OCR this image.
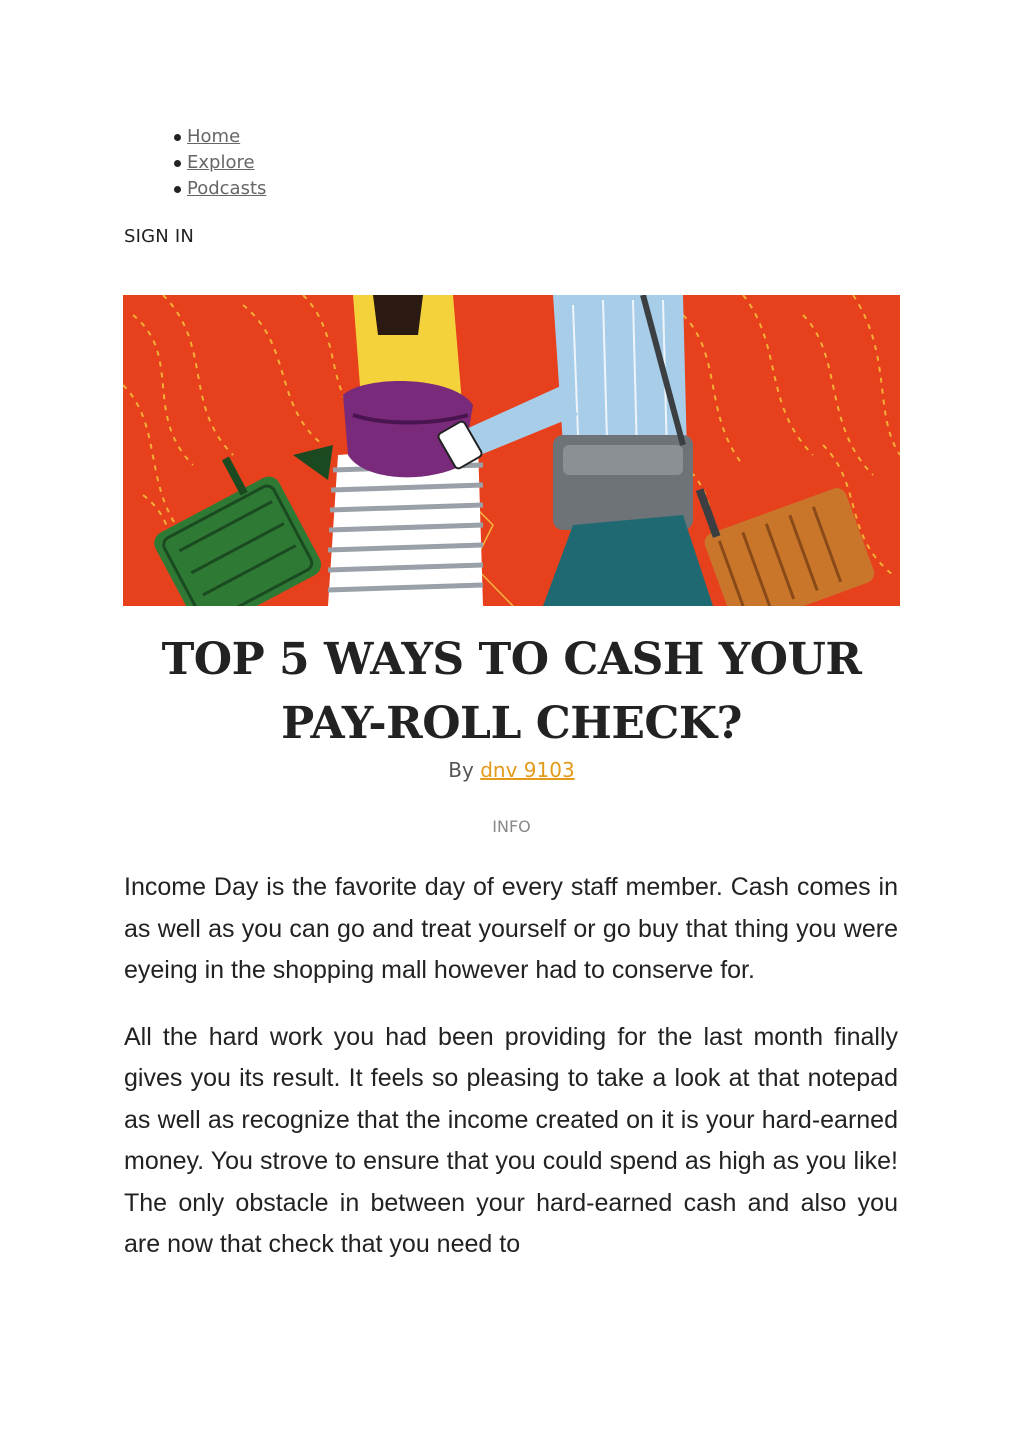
Home
Explore
Podcasts
SIGN IN
TOP 5 WAYS TO CASH YOUR PAY-ROLL CHECK?
By dnv 9103
INFO

Income Day is the favorite day of every staff member. Cash comes in as well as you can go and treat yourself or go buy that thing you were eyeing in the shopping mall however had to conserve for.

All the hard work you had been providing for the last month finally gives you its result. It feels so pleasing to take a look at that notepad as well as recognize that the income created on it is your hard-earned money. You strove to ensure that you could spend as high as you like! The only obstacle in between your hard-earned cash and also you are now that check that you need to
